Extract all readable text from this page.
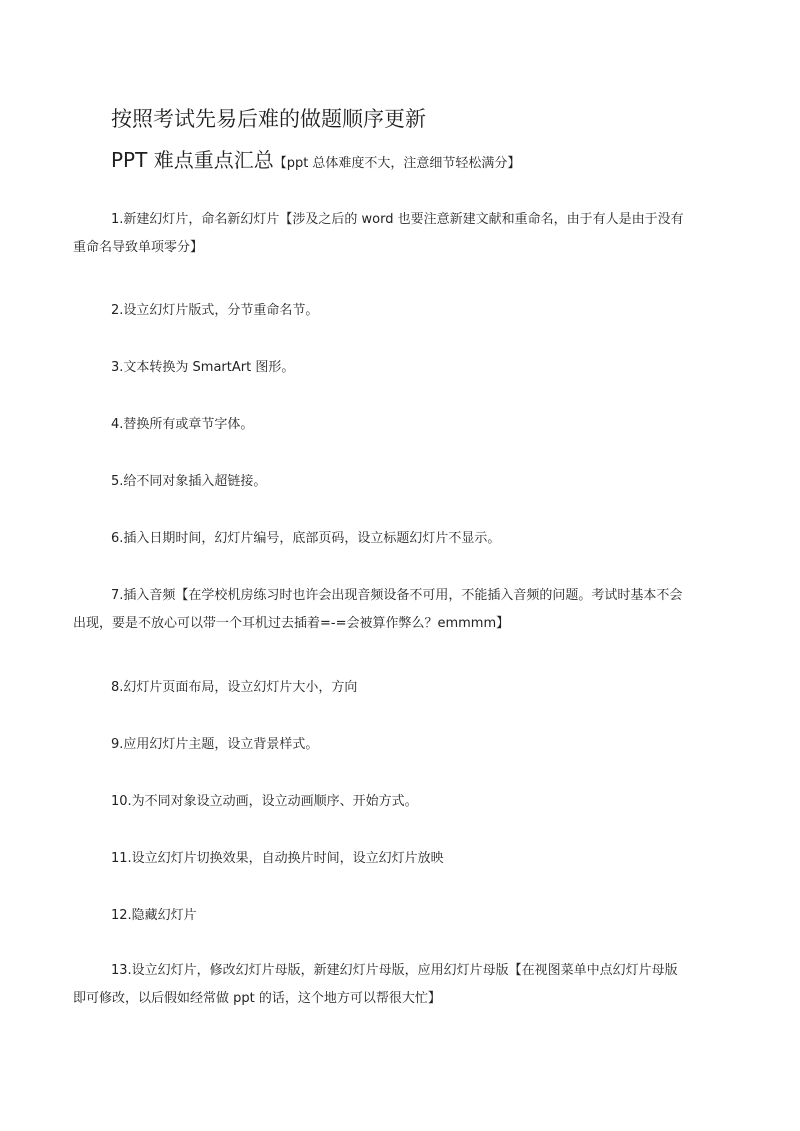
按照考试先易后难的做题顺序更新
PPT 难点重点汇总【ppt 总体难度不大，注意细节轻松满分】
1.新建幻灯片，命名新幻灯片【涉及之后的 word 也要注意新建文献和重命名，由于有人是由于没有
重命名导致单项零分】
2.设立幻灯片版式，分节重命名节。
3.文本转换为 SmartArt 图形。
4.替换所有或章节字体。
5.给不同对象插入超链接。
6.插入日期时间，幻灯片编号，底部页码，设立标题幻灯片不显示。
7.插入音频【在学校机房练习时也许会出现音频设备不可用，不能插入音频的问题。考试时基本不会
出现，要是不放心可以带一个耳机过去插着=-=会被算作弊么？emmmm】
8.幻灯片页面布局，设立幻灯片大小，方向
9.应用幻灯片主题，设立背景样式。
10.为不同对象设立动画，设立动画顺序、开始方式。
11.设立幻灯片切换效果，自动换片时间，设立幻灯片放映
12.隐藏幻灯片
13.设立幻灯片，修改幻灯片母版，新建幻灯片母版，应用幻灯片母版【在视图菜单中点幻灯片母版
即可修改，以后假如经常做 ppt 的话，这个地方可以帮很大忙】
